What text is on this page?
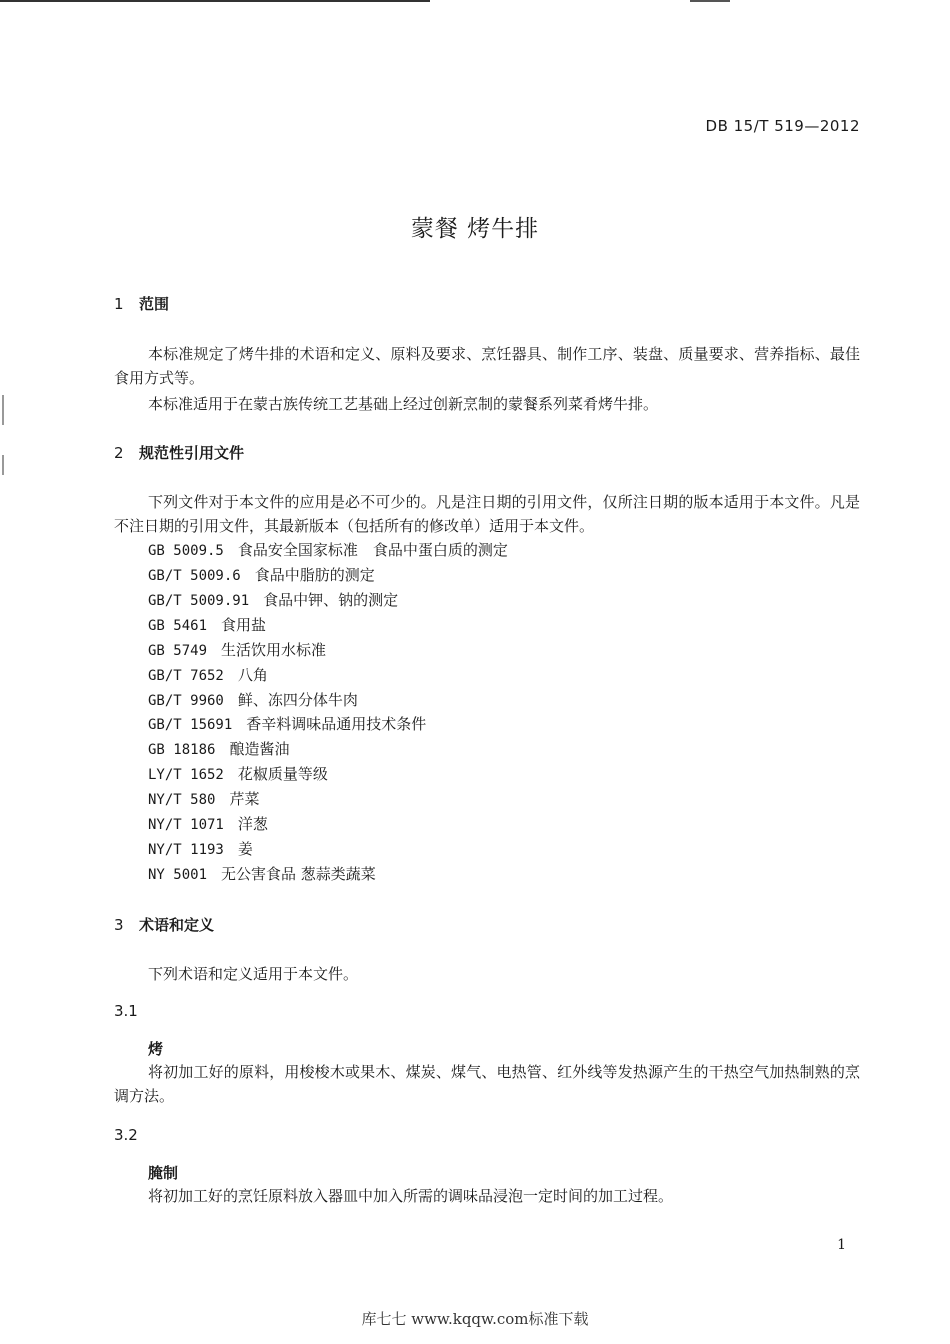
DB 15/T 519—2012
蒙餐 烤牛排
1 范围
本标准规定了烤牛排的术语和定义、原料及要求、烹饪器具、制作工序、装盘、质量要求、营养指标、最佳食用方式等。
本标准适用于在蒙古族传统工艺基础上经过创新烹制的蒙餐系列菜肴烤牛排。
2 规范性引用文件
下列文件对于本文件的应用是必不可少的。凡是注日期的引用文件，仅所注日期的版本适用于本文件。凡是不注日期的引用文件，其最新版本（包括所有的修改单）适用于本文件。
GB 5009.5 食品安全国家标准　食品中蛋白质的测定
GB/T 5009.6 食品中脂肪的测定
GB/T 5009.91 食品中钾、钠的测定
GB 5461 食用盐
GB 5749 生活饮用水标准
GB/T 7652 八角
GB/T 9960 鲜、冻四分体牛肉
GB/T 15691 香辛料调味品通用技术条件
GB 18186 酿造酱油
LY/T 1652 花椒质量等级
NY/T 580 芹菜
NY/T 1071 洋葱
NY/T 1193 姜
NY 5001 无公害食品 葱蒜类蔬菜
3 术语和定义
下列术语和定义适用于本文件。
3.1
烤
将初加工好的原料，用梭梭木或果木、煤炭、煤气、电热管、红外线等发热源产生的干热空气加热制熟的烹调方法。
3.2
腌制
将初加工好的烹饪原料放入器皿中加入所需的调味品浸泡一定时间的加工过程。
1
库七七 www.kqqw.com标准下载
